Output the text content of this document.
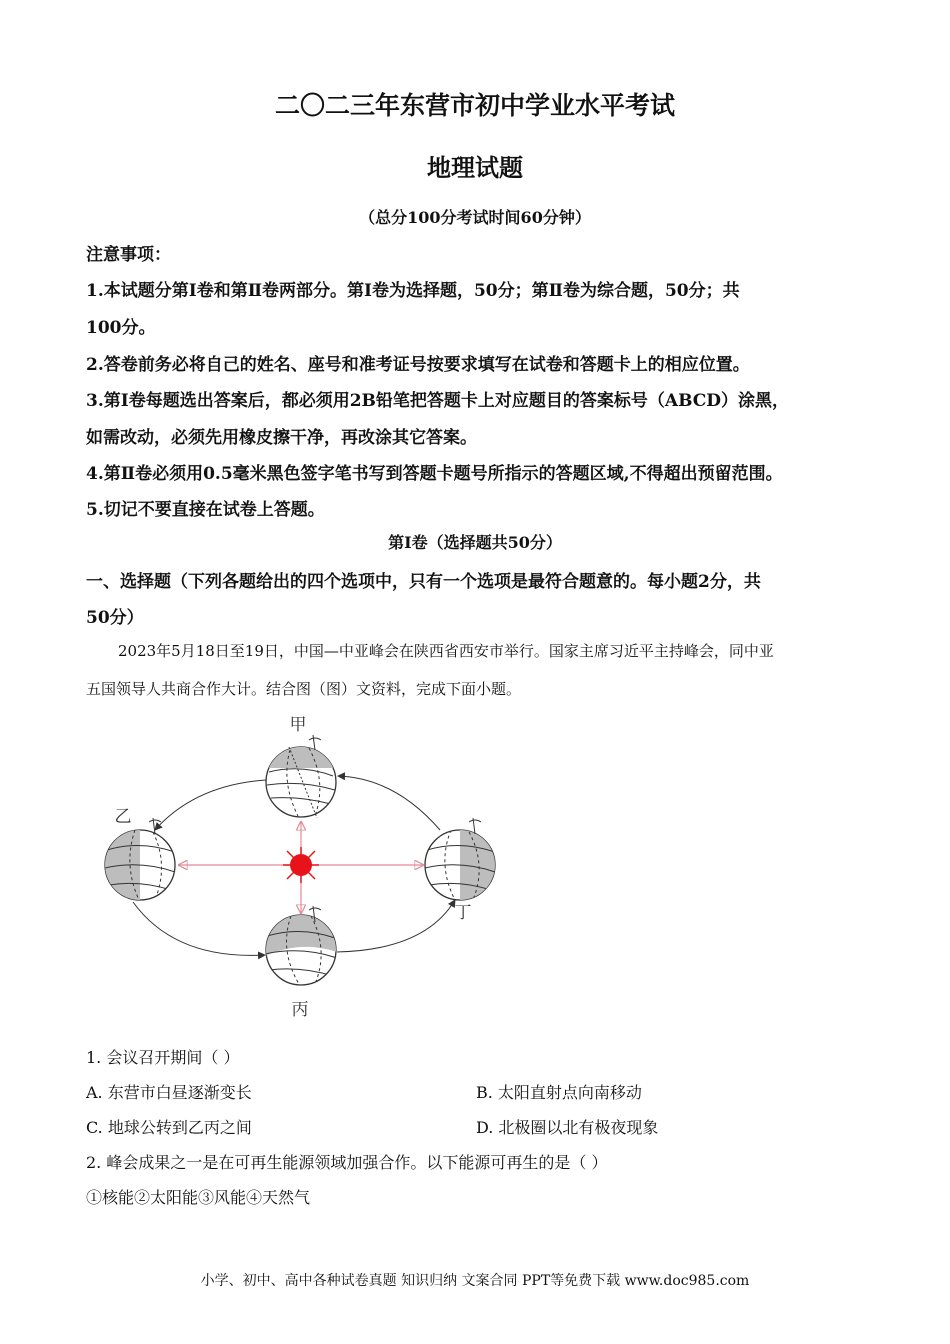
二〇二三年东营市初中学业水平考试
地理试题
（总分100分考试时间60分钟）
注意事项：
1.本试题分第Ⅰ卷和第Ⅱ卷两部分。第Ⅰ卷为选择题，50分；第Ⅱ卷为综合题，50分；共
100分。
2.答卷前务必将自己的姓名、座号和准考证号按要求填写在试卷和答题卡上的相应位置。
3.第Ⅰ卷每题选出答案后，都必须用2B铅笔把答题卡上对应题目的答案标号（ABCD）涂黑，
如需改动，必须先用橡皮擦干净，再改涂其它答案。
4.第Ⅱ卷必须用0.5毫米黑色签字笔书写到答题卡题号所指示的答题区域,不得超出预留范围。
5.切记不要直接在试卷上答题。
第Ⅰ卷（选择题共50分）
一、选择题（下列各题给出的四个选项中，只有一个选项是最符合题意的。每小题2分，共
50分）
2023年5月18日至19日，中国—中亚峰会在陕西省西安市举行。国家主席习近平主持峰会，同中亚
五国领导人共商合作大计。结合图（图）文资料，完成下面小题。
甲
乙
丙
丁
1. 会议召开期间（ ）
A. 东营市白昼逐渐变长	B. 太阳直射点向南移动
C. 地球公转到乙丙之间	D. 北极圈以北有极夜现象
2. 峰会成果之一是在可再生能源领域加强合作。以下能源可再生的是（ ）
①核能②太阳能③风能④天然气
小学、初中、高中各种试卷真题 知识归纳 文案合同 PPT等免费下载 www.doc985.com
